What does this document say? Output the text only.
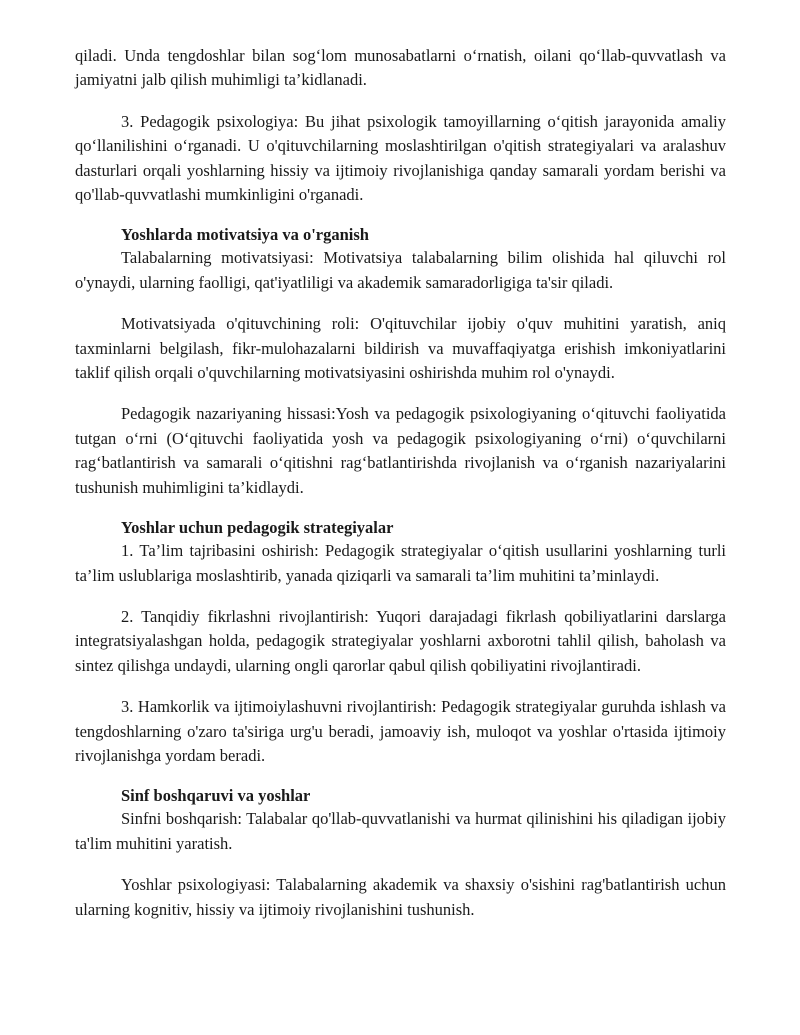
qiladi. Unda tengdoshlar bilan sog‘lom munosabatlarni o‘rnatish, oilani qo‘llab-quvvatlash va jamiyatni jalb qilish muhimligi ta’kidlanadi.

3. Pedagogik psixologiya: Bu jihat psixologik tamoyillarning o‘qitish jarayonida amaliy qo‘llanilishini o‘rganadi. U o'qituvchilarning moslashtirilgan o'qitish strategiyalari va aralashuv dasturlari orqali yoshlarning hissiy va ijtimoiy rivojlanishiga qanday samarali yordam berishi va qo'llab-quvvatlashi mumkinligini o'rganadi.

Yoshlarda motivatsiya va o'rganish

Talabalarning motivatsiyasi: Motivatsiya talabalarning bilim olishida hal qiluvchi rol o'ynaydi, ularning faolligi, qat'iyatliligi va akademik samaradorligiga ta'sir qiladi.

Motivatsiyada o'qituvchining roli: O'qituvchilar ijobiy o'quv muhitini yaratish, aniq taxminlarni belgilash, fikr-mulohazalarni bildirish va muvaffaqiyatga erishish imkoniyatlarini taklif qilish orqali o'quvchilarning motivatsiyasini oshirishda muhim rol o'ynaydi.

Pedagogik nazariyaning hissasi:Yosh va pedagogik psixologiyaning o‘qituvchi faoliyatida tutgan o‘rni (O‘qituvchi faoliyatida yosh va pedagogik psixologiyaning o‘rni) o‘quvchilarni rag‘batlantirish va samarali o‘qitishni rag‘batlantirishda rivojlanish va o‘rganish nazariyalarini tushunish muhimligini ta’kidlaydi.

Yoshlar uchun pedagogik strategiyalar

1. Ta’lim tajribasini oshirish: Pedagogik strategiyalar o‘qitish usullarini yoshlarning turli ta’lim uslublariga moslashtirib, yanada qiziqarli va samarali ta’lim muhitini ta’minlaydi.

2. Tanqidiy fikrlashni rivojlantirish: Yuqori darajadagi fikrlash qobiliyatlarini darslarga integratsiyalashgan holda, pedagogik strategiyalar yoshlarni axborotni tahlil qilish, baholash va sintez qilishga undaydi, ularning ongli qarorlar qabul qilish qobiliyatini rivojlantiradi.

3. Hamkorlik va ijtimoiylashuvni rivojlantirish: Pedagogik strategiyalar guruhda ishlash va tengdoshlarning o'zaro ta'siriga urg'u beradi, jamoaviy ish, muloqot va yoshlar o'rtasida ijtimoiy rivojlanishga yordam beradi.

Sinf boshqaruvi va yoshlar

Sinfni boshqarish: Talabalar qo'llab-quvvatlanishi va hurmat qilinishini his qiladigan ijobiy ta'lim muhitini yaratish.

Yoshlar psixologiyasi: Talabalarning akademik va shaxsiy o'sishini rag'batlantirish uchun ularning kognitiv, hissiy va ijtimoiy rivojlanishini tushunish.
